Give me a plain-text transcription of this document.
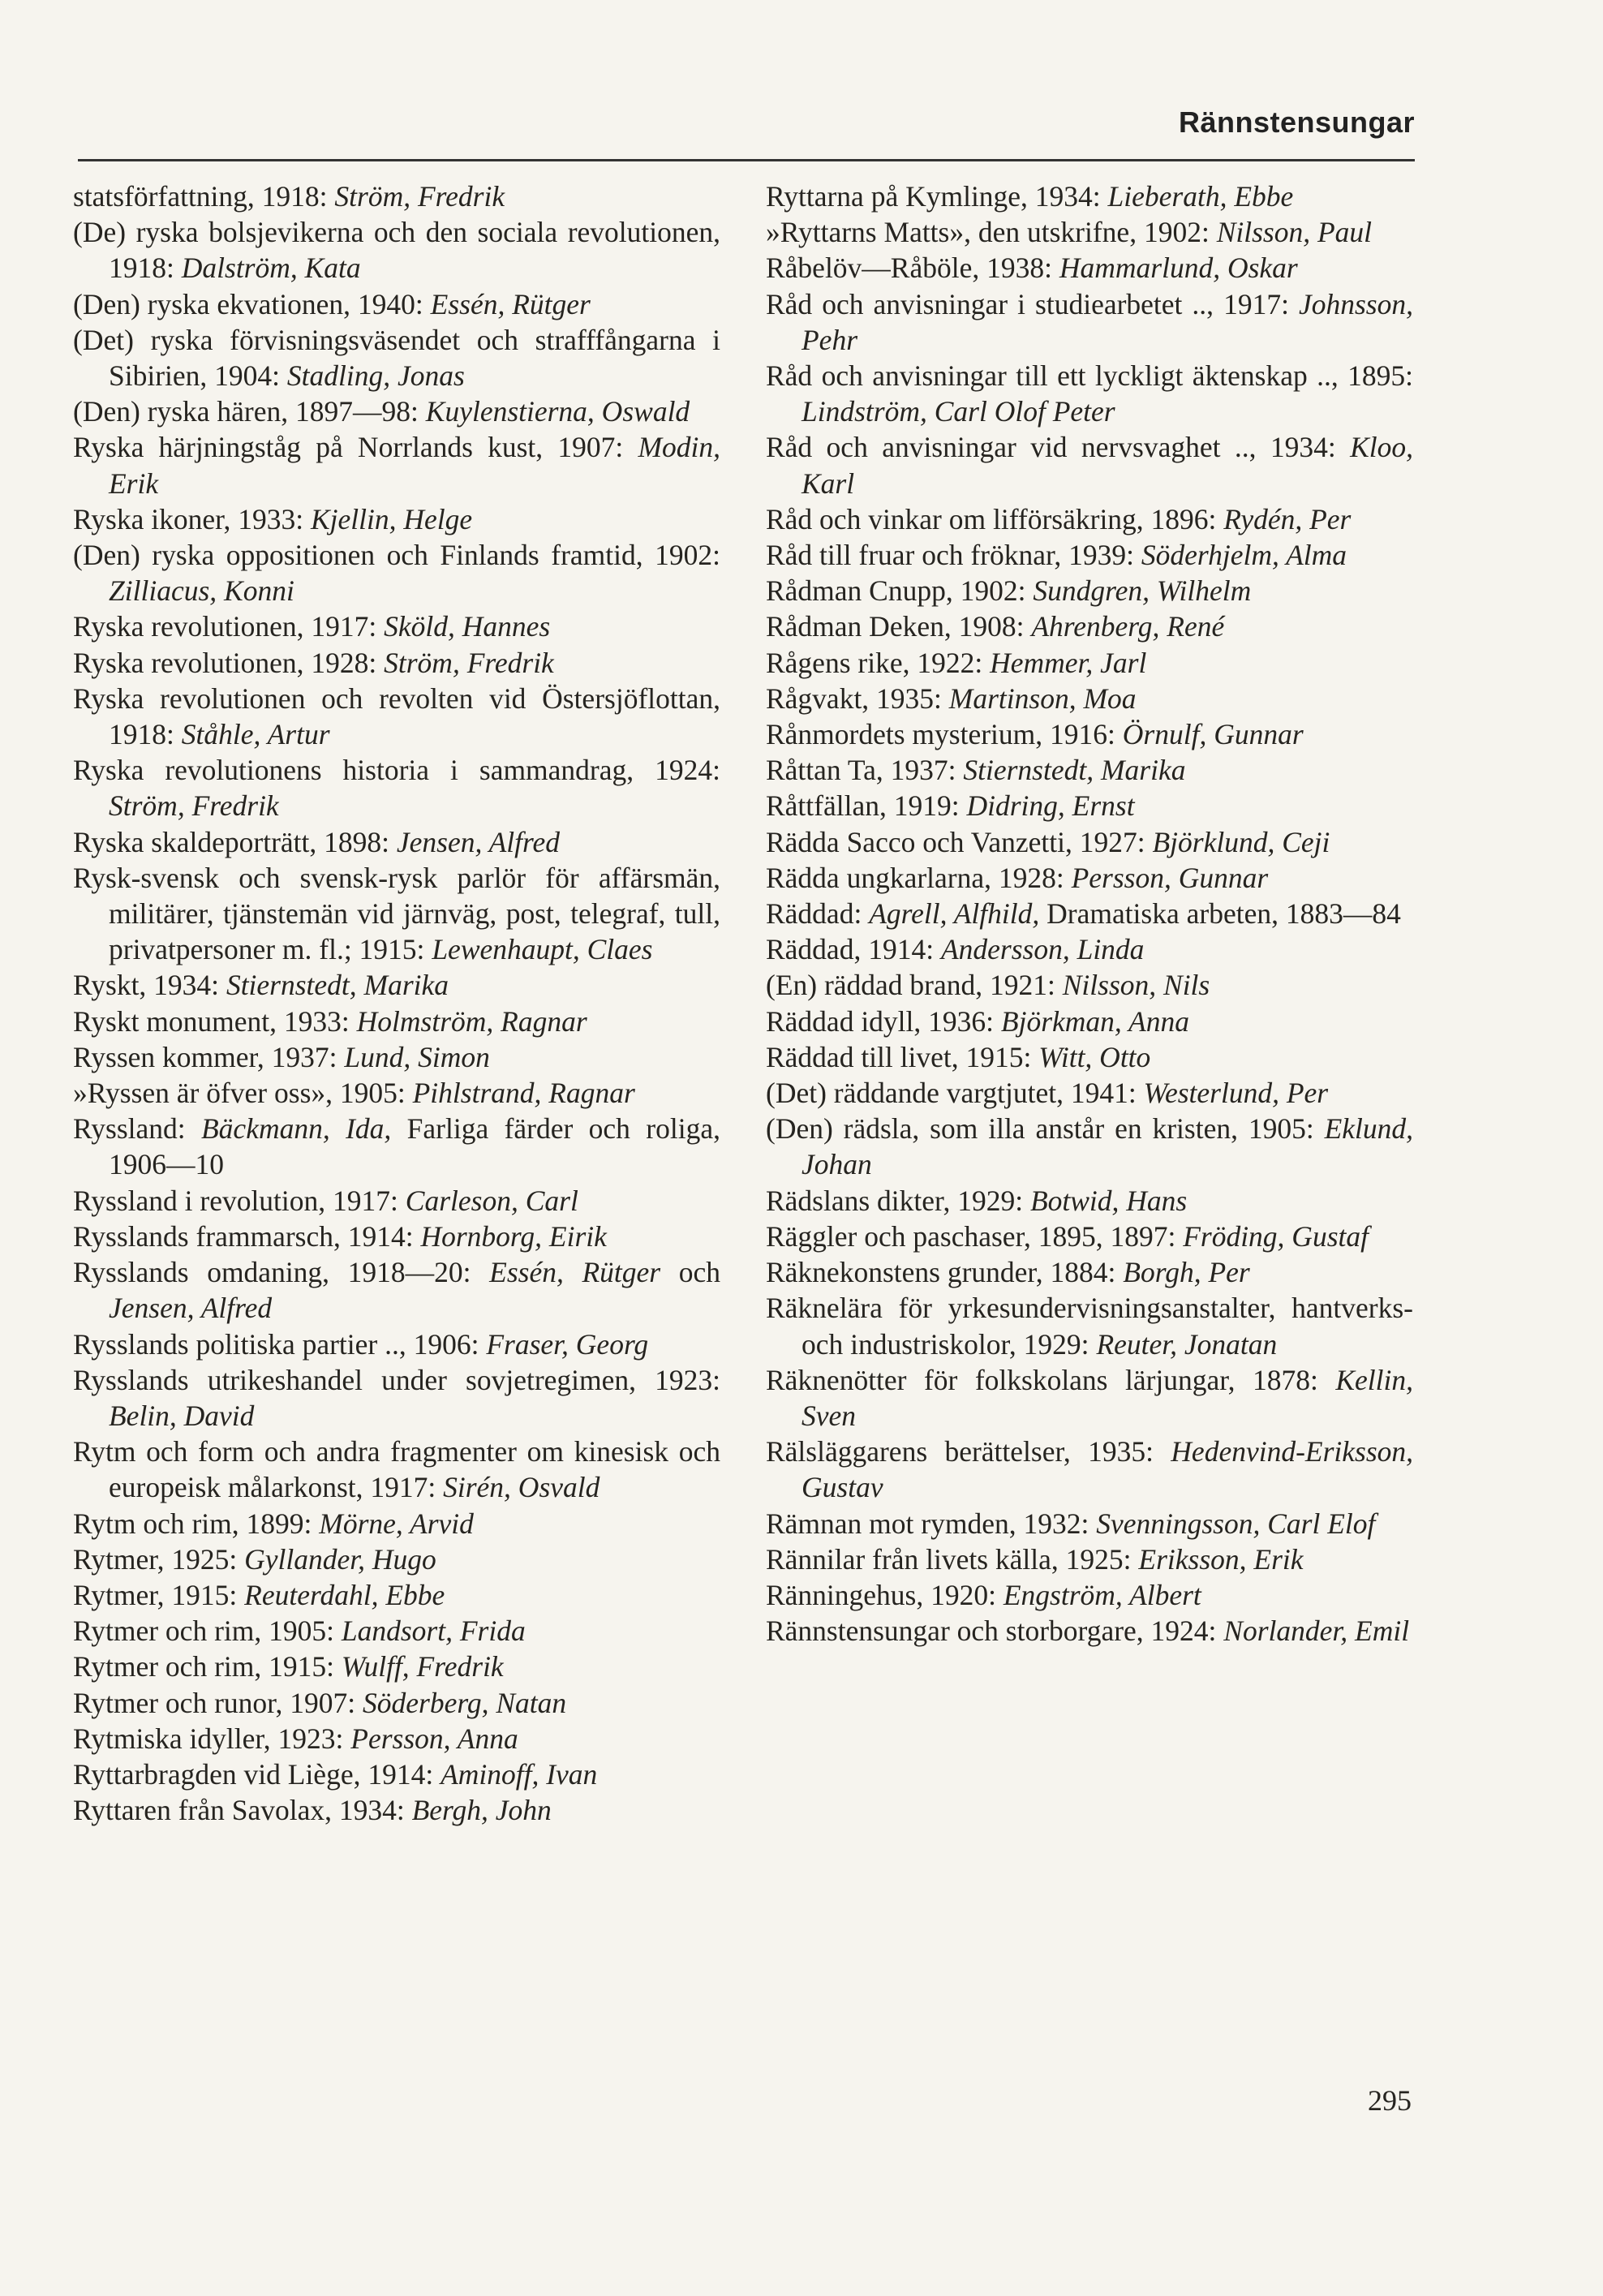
Rännstensungar
statsförfattning, 1918: Ström, Fredrik
(De) ryska bolsjevikerna och den sociala revolutionen, 1918: Dalström, Kata
(Den) ryska ekvationen, 1940: Essén, Rütger
(Det) ryska förvisningsväsendet och strafffångarna i Sibirien, 1904: Stadling, Jonas
(Den) ryska hären, 1897—98: Kuylenstierna, Oswald
Ryska härjningståg på Norrlands kust, 1907: Modin, Erik
Ryska ikoner, 1933: Kjellin, Helge
(Den) ryska oppositionen och Finlands framtid, 1902: Zilliacus, Konni
Ryska revolutionen, 1917: Sköld, Hannes
Ryska revolutionen, 1928: Ström, Fredrik
Ryska revolutionen och revolten vid Östersjöflottan, 1918: Ståhle, Artur
Ryska revolutionens historia i sammandrag, 1924: Ström, Fredrik
Ryska skaldeporträtt, 1898: Jensen, Alfred
Rysk-svensk och svensk-rysk parlör för affärsmän, militärer, tjänstemän vid järnväg, post, telegraf, tull, privatpersoner m. fl.; 1915: Lewenhaupt, Claes
Ryskt, 1934: Stiernstedt, Marika
Ryskt monument, 1933: Holmström, Ragnar
Ryssen kommer, 1937: Lund, Simon
»Ryssen är öfver oss», 1905: Pihlstrand, Ragnar
Ryssland: Bäckmann, Ida, Farliga färder och roliga, 1906—10
Ryssland i revolution, 1917: Carleson, Carl
Rysslands frammarsch, 1914: Hornborg, Eirik
Rysslands omdaning, 1918—20: Essén, Rütger och Jensen, Alfred
Rysslands politiska partier .., 1906: Fraser, Georg
Rysslands utrikeshandel under sovjetregimen, 1923: Belin, David
Rytm och form och andra fragmenter om kinesisk och europeisk målarkonst, 1917: Sirén, Osvald
Rytm och rim, 1899: Mörne, Arvid
Rytmer, 1925: Gyllander, Hugo
Rytmer, 1915: Reuterdahl, Ebbe
Rytmer och rim, 1905: Landsort, Frida
Rytmer och rim, 1915: Wulff, Fredrik
Rytmer och runor, 1907: Söderberg, Natan
Rytmiska idyller, 1923: Persson, Anna
Ryttarbragden vid Liège, 1914: Aminoff, Ivan
Ryttaren från Savolax, 1934: Bergh, John
Ryttarna på Kymlinge, 1934: Lieberath, Ebbe
»Ryttarns Matts», den utskrifne, 1902: Nilsson, Paul
Råbelöv—Råböle, 1938: Hammarlund, Oskar
Råd och anvisningar i studiearbetet .., 1917: Johnsson, Pehr
Råd och anvisningar till ett lyckligt äktenskap .., 1895: Lindström, Carl Olof Peter
Råd och anvisningar vid nervsvaghet .., 1934: Kloo, Karl
Råd och vinkar om lifförsäkring, 1896: Rydén, Per
Råd till fruar och fröknar, 1939: Söderhjelm, Alma
Rådman Cnupp, 1902: Sundgren, Wilhelm
Rådman Deken, 1908: Ahrenberg, René
Rågens rike, 1922: Hemmer, Jarl
Rågvakt, 1935: Martinson, Moa
Rånmordets mysterium, 1916: Örnulf, Gunnar
Råttan Ta, 1937: Stiernstedt, Marika
Råttfällan, 1919: Didring, Ernst
Rädda Sacco och Vanzetti, 1927: Björklund, Ceji
Rädda ungkarlarna, 1928: Persson, Gunnar
Räddad: Agrell, Alfhild, Dramatiska arbeten, 1883—84
Räddad, 1914: Andersson, Linda
(En) räddad brand, 1921: Nilsson, Nils
Räddad idyll, 1936: Björkman, Anna
Räddad till livet, 1915: Witt, Otto
(Det) räddande vargtjutet, 1941: Westerlund, Per
(Den) rädsla, som illa anstår en kristen, 1905: Eklund, Johan
Rädslans dikter, 1929: Botwid, Hans
Räggler och paschaser, 1895, 1897: Fröding, Gustaf
Räknekonstens grunder, 1884: Borgh, Per
Räknelära för yrkesundervisningsanstalter, hantverks- och industriskolor, 1929: Reuter, Jonatan
Räknenötter för folkskolans lärjungar, 1878: Kellin, Sven
Rälsläggarens berättelser, 1935: Hedenvind-Eriksson, Gustav
Rämnan mot rymden, 1932: Svenningsson, Carl Elof
Rännilar från livets källa, 1925: Eriksson, Erik
Ränningehus, 1920: Engström, Albert
Rännstensungar och storborgare, 1924: Norlander, Emil
295
